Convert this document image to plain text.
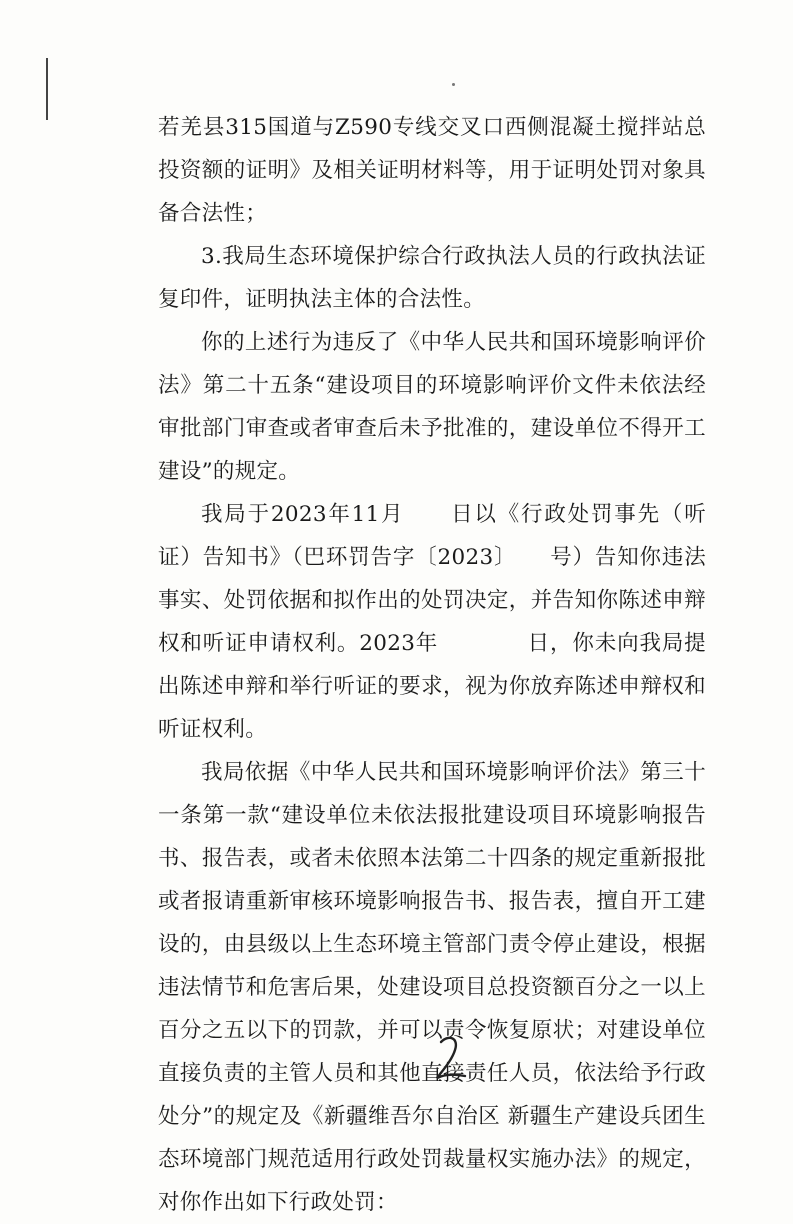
若羌县315国道与Z590专线交叉口西侧混凝土搅拌站总投资额的证明》及相关证明材料等，用于证明处罚对象具备合法性；

3.我局生态环境保护综合行政执法人员的行政执法证复印件，证明执法主体的合法性。

你的上述行为违反了《中华人民共和国环境影响评价法》第二十五条“建设项目的环境影响评价文件未依法经审批部门审查或者审查后未予批准的，建设单位不得开工建设”的规定。

我局于2023年11月　　日以《行政处罚事先（听证）告知书》（巴环罚告字〔2023〕　　号）告知你违法事实、处罚依据和拟作出的处罚决定，并告知你陈述申辩权和听证申请权利。2023年　　　　日，你未向我局提出陈述申辩和举行听证的要求，视为你放弃陈述申辩权和听证权利。

我局依据《中华人民共和国环境影响评价法》第三十一条第一款“建设单位未依法报批建设项目环境影响报告书、报告表，或者未依照本法第二十四条的规定重新报批或者报请重新审核环境影响报告书、报告表，擅自开工建设的，由县级以上生态环境主管部门责令停止建设，根据违法情节和危害后果，处建设项目总投资额百分之一以上百分之五以下的罚款，并可以责令恢复原状；对建设单位直接负责的主管人员和其他直接责任人员，依法给予行政处分”的规定及《新疆维吾尔自治区 新疆生产建设兵团生态环境部门规范适用行政处罚裁量权实施办法》的规定，对你作出如下行政处罚：
